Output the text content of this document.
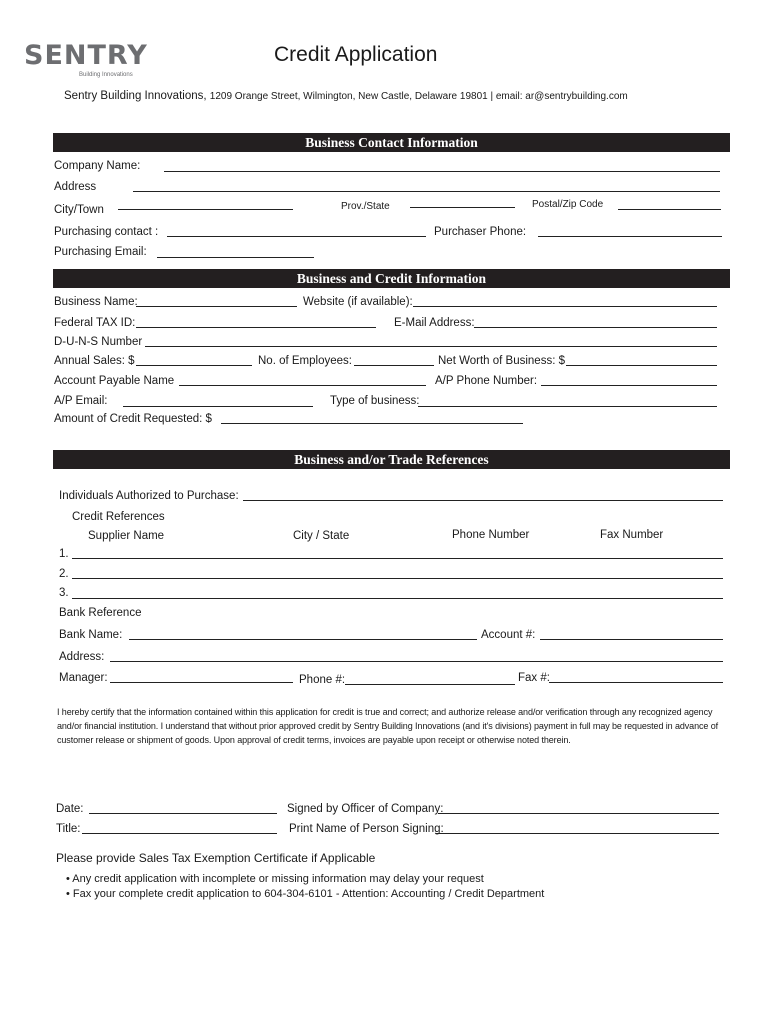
SENTRY
Building Innovations
Credit Application
Sentry Building Innovations, 1209 Orange Street, Wilmington, New Castle, Delaware 19801 | email: ar@sentrybuilding.com
Business Contact Information
Company Name:
Address
City/Town	Prov./State	Postal/Zip Code
Purchasing contact :	Purchaser Phone:
Purchasing Email:
Business and Credit Information
Business Name:	Website (if available):
Federal TAX ID:	E-Mail Address:
D-U-N-S Number
Annual Sales: $	No. of Employees:	Net Worth of Business: $
Account Payable Name	A/P Phone Number:
A/P Email:	Type of business:
Amount of Credit Requested: $
Business and/or Trade References
Individuals Authorized to Purchase:
Credit References
Supplier Name	City / State	Phone Number	Fax Number
1.
2.
3.
Bank Reference
Bank Name:	Account #:
Address:
Manager:	Phone #:	Fax #:
I hereby certify that the information contained within this application for credit is true and correct; and authorize release and/or verification through any recognized agency and/or financial institution. I understand that without prior approved credit by Sentry Building Innovations (and it's divisions) payment in full may be requested in advance of customer release or shipment of goods. Upon approval of credit terms, invoices are payable upon receipt or otherwise noted therein.
Date:	Signed by Officer of Company:
Title:	Print Name of Person Signing:
Please provide Sales Tax Exemption Certificate if Applicable
• Any credit application with incomplete or missing information may delay your request
• Fax your complete credit application to 604-304-6101 - Attention: Accounting / Credit Department
